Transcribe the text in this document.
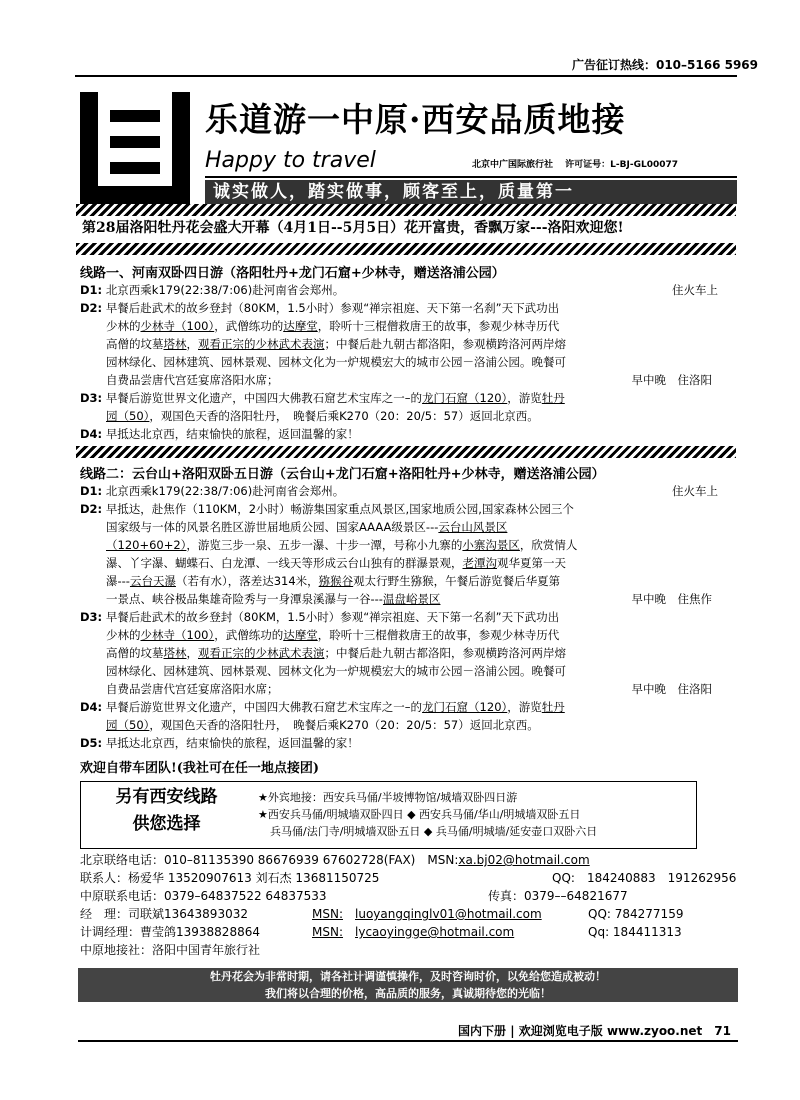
广告征订热线：010–5166 5969
乐道游一中原·西安品质地接
Happy to travel	北京中广国际旅行社　 许可证号：L-BJ-GL00077
诚实做人，踏实做事，顾客至上，质量第一
第28届洛阳牡丹花会盛大开幕（4月1日--5月5日）花开富贵，香飘万家---洛阳欢迎您!
线路一、河南双卧四日游（洛阳牡丹+龙门石窟+少林寺，赠送洛浦公园）
D1: 北京西乘k179(22:38/7:06)赴河南省会郑州。	住火车上
D2: 早餐后赴武术的故乡登封（80KM，1.5小时）参观“禅宗祖庭、天下第一名刹”天下武功出
少林的少林寺（100），武僧练功的达摩堂，聆听十三棍僧救唐王的故事，参观少林寺历代
高僧的坟墓塔林，观看正宗的少林武术表演；中餐后赴九朝古都洛阳，参观横跨洛河两岸熔
园林绿化、园林建筑、园林景观、园林文化为一炉规模宏大的城市公园－洛浦公园。晚餐可
自费品尝唐代宫廷宴席洛阳水席；	早中晚　住洛阳
D3: 早餐后游览世界文化遗产，中国四大佛教石窟艺术宝库之一–的龙门石窟（120），游览牡丹
园（50），观国色天香的洛阳牡丹，　晚餐后乘K270（20：20/5：57）返回北京西。
D4: 早抵达北京西，结束愉快的旅程，返回温馨的家！
线路二：云台山+洛阳双卧五日游（云台山+龙门石窟+洛阳牡丹+少林寺，赠送洛浦公园）
D1: 北京西乘k179(22:38/7:06)赴河南省会郑州。	住火车上
D2: 早抵达，赴焦作（110KM，2小时）畅游集国家重点风景区,国家地质公园,国家森林公园三个
国家级与一体的风景名胜区游世届地质公园、国家AAAA级景区---云台山风景区
（120+60+2），游览三步一泉、五步一瀑、十步一潭，号称小九寨的小寨沟景区，欣赏情人
瀑、丫字瀑、蝴蝶石、白龙潭、一线天等形成云台山独有的群瀑景观，老潭沟观华夏第一天
瀑---云台天瀑（若有水），落差达314米，猕猴谷观太行野生猕猴，午餐后游览餐后华夏第
一景点、峡谷极品集雄奇险秀与一身潭泉溪瀑与一谷---温盘峪景区	早中晚　住焦作
D3: 早餐后赴武术的故乡登封（80KM，1.5小时）参观“禅宗祖庭、天下第一名刹”天下武功出
少林的少林寺（100），武僧练功的达摩堂，聆听十三棍僧救唐王的故事，参观少林寺历代
高僧的坟墓塔林，观看正宗的少林武术表演；中餐后赴九朝古都洛阳，参观横跨洛河两岸熔
园林绿化、园林建筑、园林景观、园林文化为一炉规模宏大的城市公园－洛浦公园。晚餐可
自费品尝唐代宫廷宴席洛阳水席；	早中晚　住洛阳
D4: 早餐后游览世界文化遗产，中国四大佛教石窟艺术宝库之一–的龙门石窟（120），游览牡丹
园（50），观国色天香的洛阳牡丹，　晚餐后乘K270（20：20/5：57）返回北京西。
D5: 早抵达北京西，结束愉快的旅程，返回温馨的家！
欢迎自带车团队!(我社可在任一地点接团)
另有西安线路
供您选择
★外宾地接：西安兵马俑/半坡博物馆/城墙双卧四日游
★西安兵马俑/明城墙双卧四日 ◆ 西安兵马俑/华山/明城墙双卧五日
兵马俑/法门寺/明城墙双卧五日 ◆ 兵马俑/明城墙/延安壶口双卧六日
北京联络电话：010–81135390 86676939 67602728(FAX)　 MSN:xa.bj02@hotmail.com
联系人：杨爱华 13520907613 刘石杰 13681150725	QQ:　 184240883　191262956
中原联系电话：0379–64837522 64837533	传真：0379––64821677
经　理：司联斌13643893032	MSN:　 luoyangqinglv01@hotmail.com	QQ: 784277159
计调经理：曹莹鸽13938828864	MSN:　 lycaoyingge@hotmail.com	Qq: 184411313
中原地接社：洛阳中国青年旅行社
牡丹花会为非常时期，请各社计调谨慎操作，及时咨询时价，以免给您造成被动！
我们将以合理的价格，高品质的服务，真诚期待您的光临！
国内下册 | 欢迎浏览电子版 www.zyoo.net　 71
